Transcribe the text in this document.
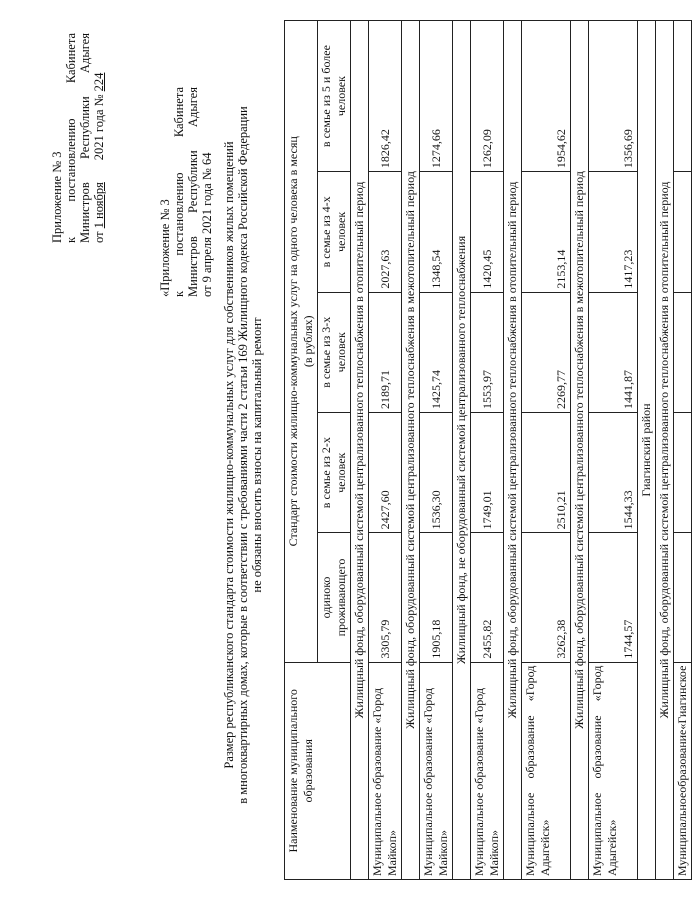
Приложение № 3 к
постановлению
Кабинета
Министров
Республики
Адыгея
от 1 ноября       2021 года № 224
«Приложение № 3 к
постановлению
Кабинета
Министров
Республики
Адыгея
от 9 апреля 2021 года № 64 Размер республиканского стандарта стоимости жилищно-коммунальных услуг для собственников жилых помещений в многоквартирных домах, которые в соответствии с требованиями части 2 статьи 169 Жилищного кодекса Российской Федерации не обязаны вносить взносы на капитальный ремонт
Наименование муниципального образования	Стандарт стоимости жилищно-коммунальных услуг на одного человека в месяц (в рублях)				

	одиноко проживающего	в семье из 2-х человек	в семье из 3-х человек	в семье из 4-х человек	в семье из 5 и более человек
Жилищный фонд, оборудованный системой централизованного теплоснабжения в отопительный период					
Муниципальное образование «Город Майкоп»	3305,79	2427,60	2189,71	2027,63	1826,42
Жилищный фонд, оборудованный системой централизованного теплоснабжения в межотопительный период					
Муниципальное образование «Город Майкоп»	1905,18	1536,30	1425,74	1348,54	1274,66
Жилищный фонд, не оборудованный системой централизованного теплоснабжения					
Муниципальное образование «Город Майкоп»	2455,82	1749,01	1553,97	1420,45	1262,09
Жилищный фонд, оборудованный системой централизованного теплоснабжения в отопительный период					

Муниципальное
образование
«Город
Адыгейск»	3262,38	2510,21	2269,77	2153,14	1954,62
Жилищный фонд, оборудованный системой централизованного теплоснабжения в межотопительный период					

Муниципальное
образование
«Город
Адыгейск»	1744,57	1544,33	1441,87	1417,23	1356,69
Гиагинский район					
Жилищный фонд, оборудованный системой централизованного теплоснабжения в отопительный период					

Муниципальное
образование
«Гиагинское					
